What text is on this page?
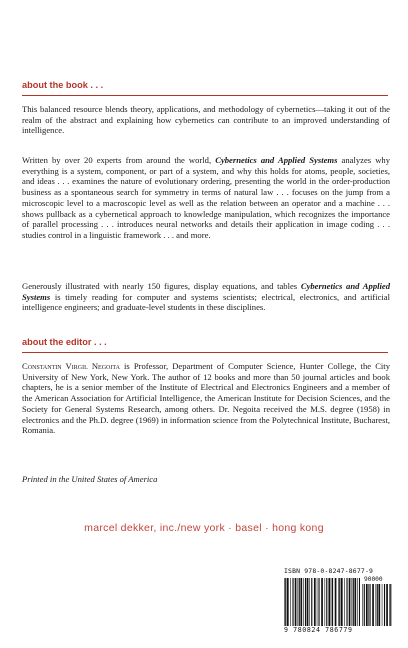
about the book . . .

This balanced resource blends theory, applications, and methodology of cybernetics—taking it out of the realm of the abstract and explaining how cybernetics can contribute to an improved understanding of intelligence.

Written by over 20 experts from around the world, Cybernetics and Applied Systems analyzes why everything is a system, component, or part of a system, and why this holds for atoms, people, societies, and ideas . . . examines the nature of evolutionary ordering, presenting the world in the order-production business as a spontaneous search for symmetry in terms of natural law . . . focuses on the jump from a microscopic level to a macroscopic level as well as the relation between an operator and a machine . . . shows pullback as a cybernetical approach to knowledge manipulation, which recognizes the importance of parallel processing . . . introduces neural networks and details their application in image coding . . . studies control in a linguistic framework . . . and more.

Generously illustrated with nearly 150 figures, display equations, and tables Cybernetics and Applied Systems is timely reading for computer and systems scientists; electrical, electronics, and artificial intelligence engineers; and graduate-level students in these disciplines.

about the editor . . .

Constantin Virgil Negoita is Professor, Department of Computer Science, Hunter College, the City University of New York, New York. The author of 12 books and more than 50 journal articles and book chapters, he is a senior member of the Institute of Electrical and Electronics Engineers and a member of the American Association for Artificial Intelligence, the American Institute for Decision Sciences, and the Society for General Systems Research, among others. Dr. Negoita received the M.S. degree (1958) in electronics and the Ph.D. degree (1969) in information science from the Polytechnical Institute, Bucharest, Romania.

Printed in the United States of America
marcel dekker, inc./new york · basel · hong kong
ISBN 978-0-8247-8677-9
90000
9 780824 786779
